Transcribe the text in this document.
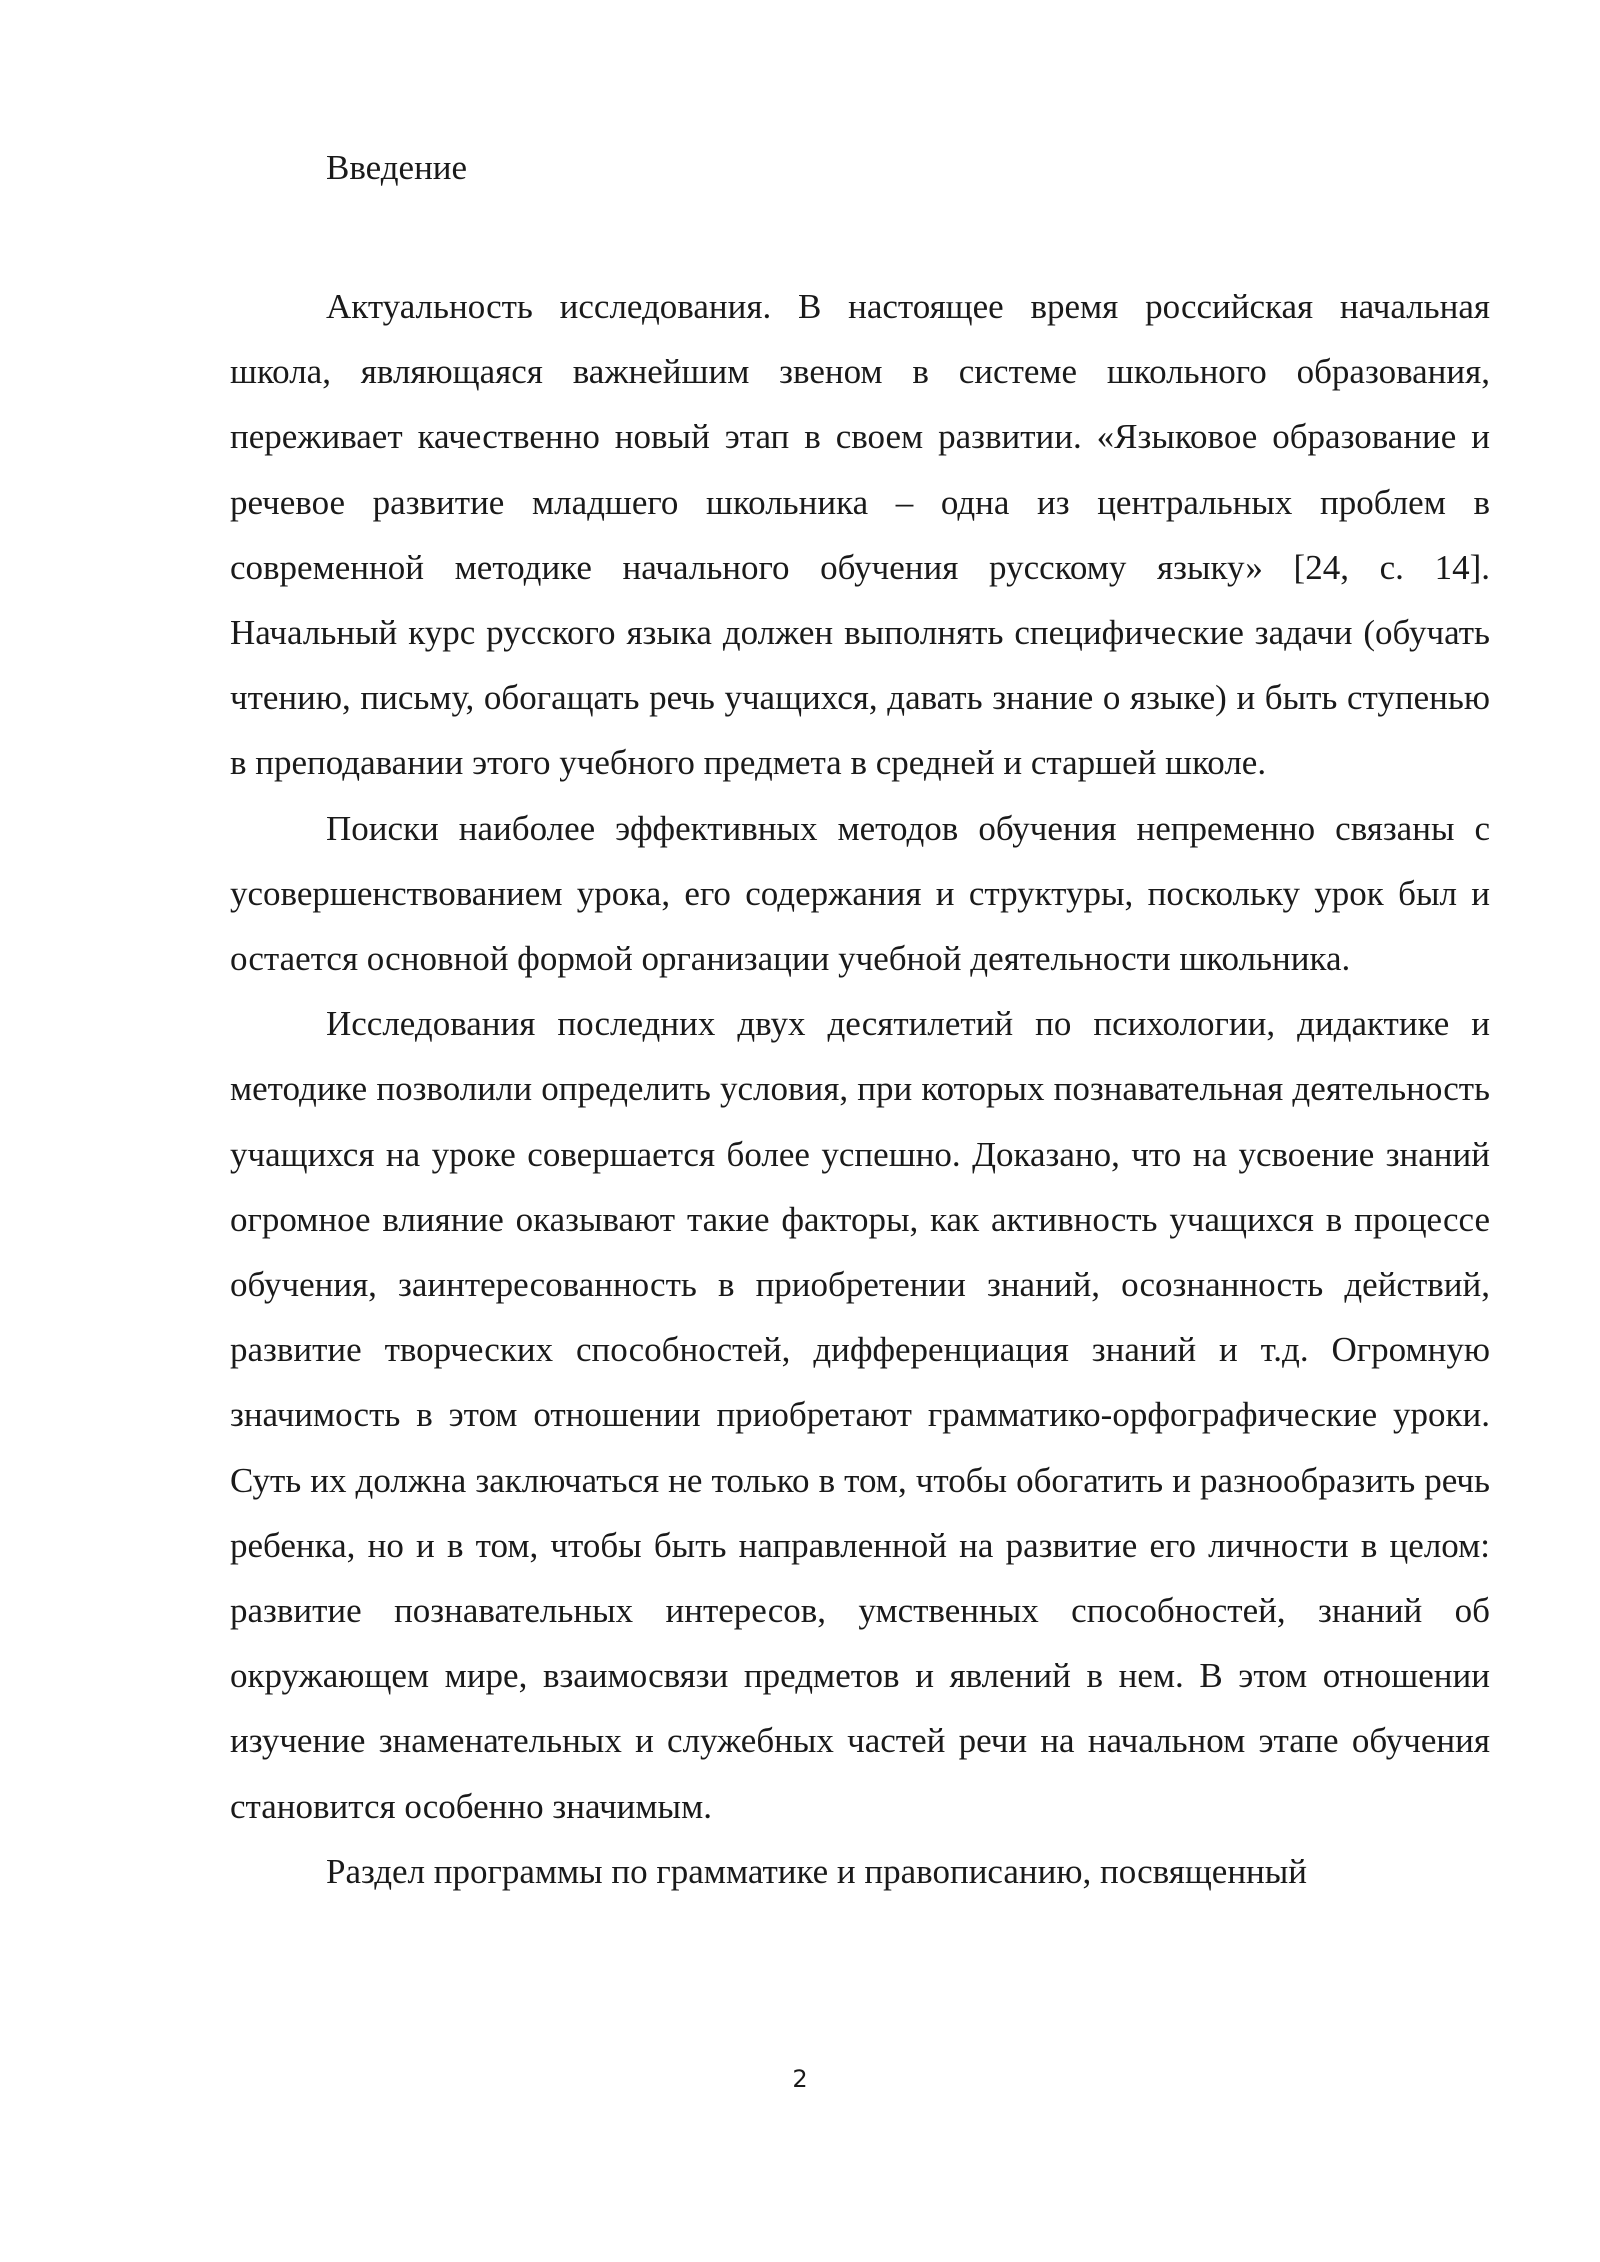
Введение

Актуальность исследования. В настоящее время российская начальная школа, являющаяся важнейшим звеном в системе школьного образования, переживает качественно новый этап в своем развитии. «Языковое образование и речевое развитие младшего школьника – одна из центральных проблем в современной методике начального обучения русскому языку» [24, с. 14]. Начальный курс русского языка должен выполнять специфические задачи (обучать чтению, письму, обогащать речь учащихся, давать знание о языке) и быть ступенью в преподавании этого учебного предмета в средней и старшей школе.

Поиски наиболее эффективных методов обучения непременно связаны с усовершенствованием урока, его содержания и структуры, поскольку урок был и остается основной формой организации учебной деятельности школьника.

Исследования последних двух десятилетий по психологии, дидактике и методике позволили определить условия, при которых познавательная деятельность учащихся на уроке совершается более успешно. Доказано, что на усвоение знаний огромное влияние оказывают такие факторы, как активность учащихся в процессе обучения, заинтересованность в приобретении знаний, осознанность действий, развитие творческих способностей, дифференциация знаний и т.д. Огромную значимость в этом отношении приобретают грамматико-орфографические уроки. Суть их должна заключаться не только в том, чтобы обогатить и разнообразить речь ребенка, но и в том, чтобы быть направленной на развитие его личности в целом: развитие познавательных интересов, умственных способностей, знаний об окружающем мире, взаимосвязи предметов и явлений в нем. В этом отношении изучение знаменательных и служебных частей речи на начальном этапе обучения становится особенно значимым.

Раздел программы по грамматике и правописанию, посвященный

2
